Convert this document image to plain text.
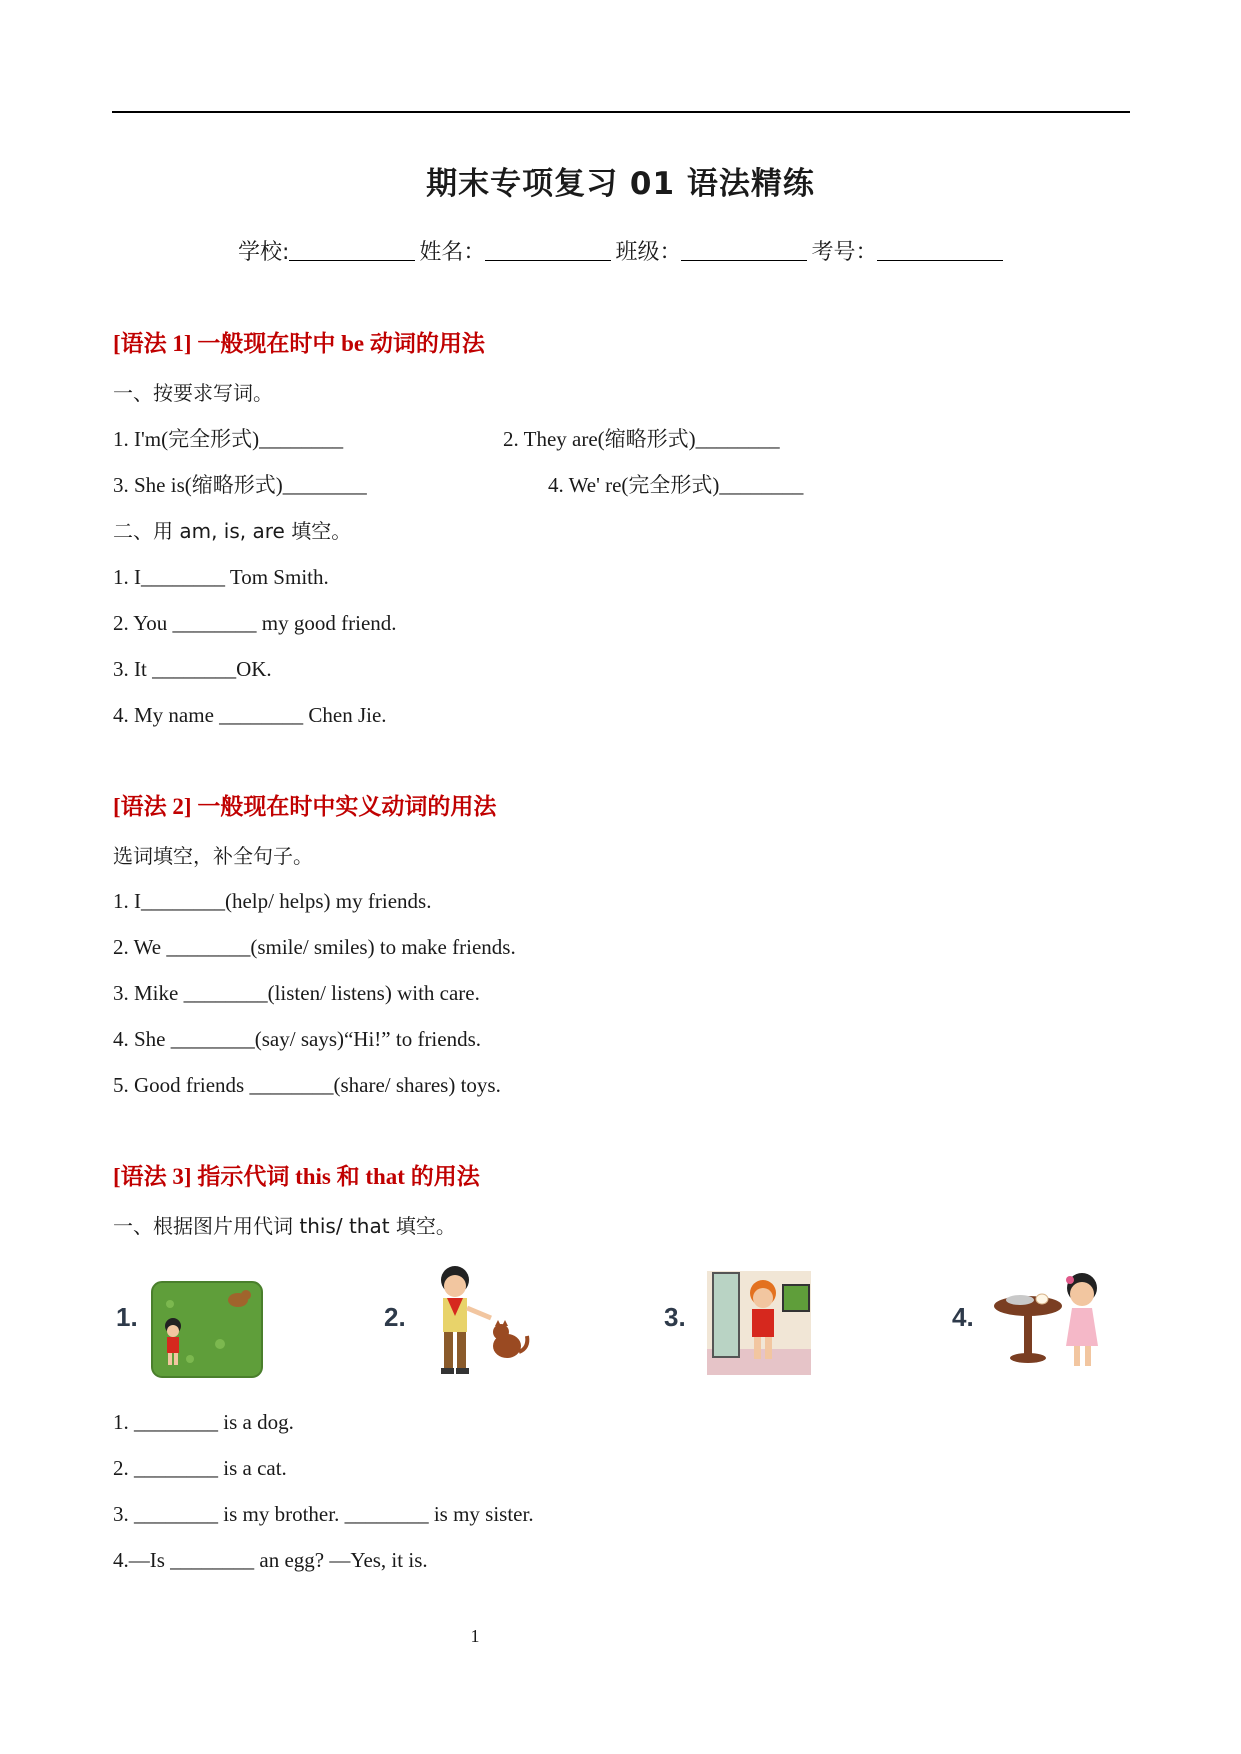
期末专项复习 01 语法精练
学校:	姓名：	班级：	考号：
[语法 1] 一般现在时中 be 动词的用法
一、按要求写词。
1. I'm(完全形式)________	2. They are(缩略形式)________
3. She is(缩略形式)________	4. We' re(完全形式)________
二、用 am, is, are 填空。
1. I________ Tom Smith.
2. You ________ my good friend.
3. It ________OK.
4. My name ________ Chen Jie.
[语法 2] 一般现在时中实义动词的用法
选词填空，补全句子。
1. I________(help/ helps) my friends.
2. We ________(smile/ smiles) to make friends.
3. Mike ________(listen/ listens) with care.
4. She ________(say/ says)“Hi!” to friends.
5. Good friends ________(share/ shares) toys.
[语法 3] 指示代词 this 和 that 的用法
一、根据图片用代词 this/ that 填空。
1.	2.	3.	4.
1. ________ is a dog.
2. ________ is a cat.
3. ________ is my brother. ________ is my sister.
4.—Is ________ an egg? —Yes, it is.
1
